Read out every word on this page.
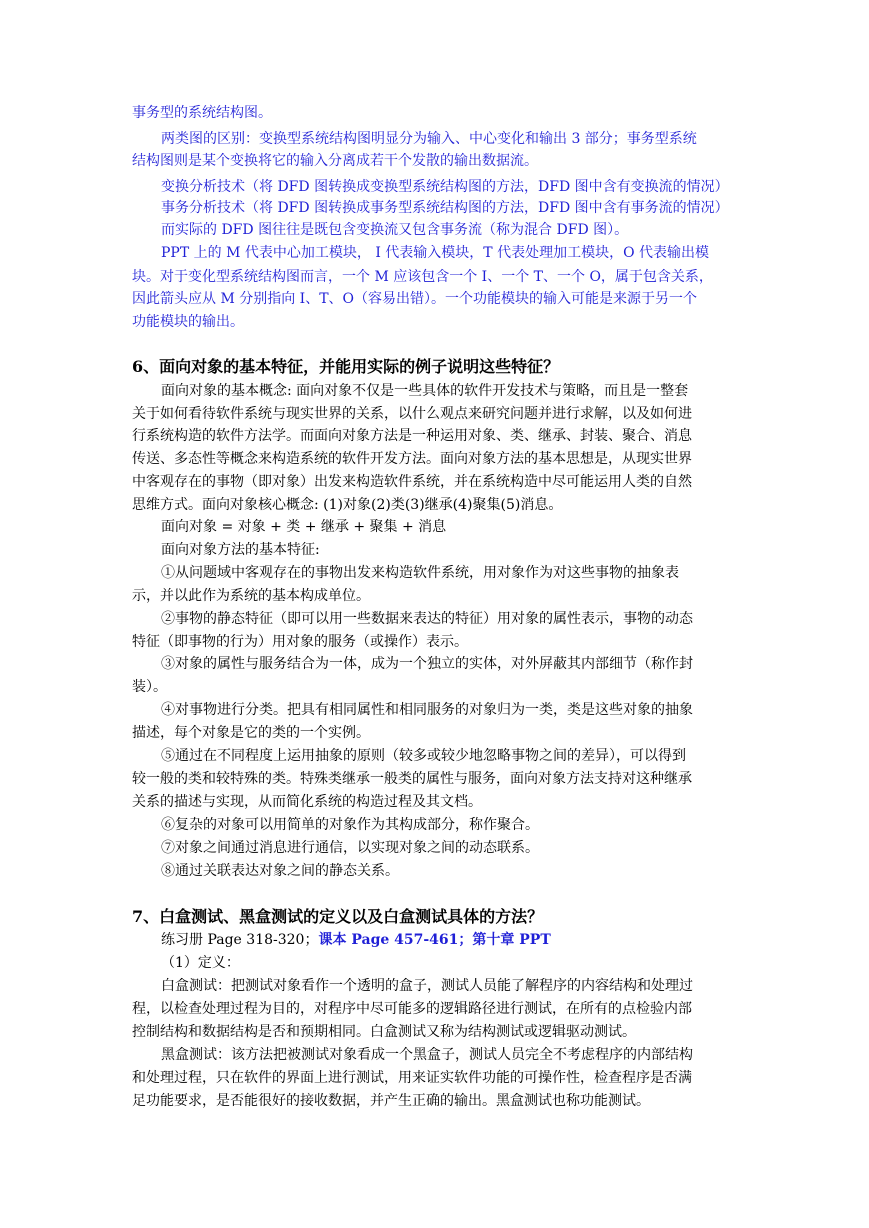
事务型的系统结构图。
两类图的区别：变换型系统结构图明显分为输入、中心变化和输出 3 部分；事务型系统
结构图则是某个变换将它的输入分离成若干个发散的输出数据流。
变换分析技术（将 DFD 图转换成变换型系统结构图的方法，DFD 图中含有变换流的情况）
事务分析技术（将 DFD 图转换成事务型系统结构图的方法，DFD 图中含有事务流的情况）
而实际的 DFD 图往往是既包含变换流又包含事务流（称为混合 DFD 图）。
PPT 上的 M 代表中心加工模块， I 代表输入模块，T 代表处理加工模块，O 代表输出模
块。对于变化型系统结构图而言，一个 M 应该包含一个 I、一个 T、一个 O，属于包含关系，
因此箭头应从 M 分别指向 I、T、O（容易出错）。一个功能模块的输入可能是来源于另一个
功能模块的输出。
6、面向对象的基本特征，并能用实际的例子说明这些特征？
面向对象的基本概念: 面向对象不仅是一些具体的软件开发技术与策略，而且是一整套
关于如何看待软件系统与现实世界的关系，以什么观点来研究问题并进行求解，以及如何进
行系统构造的软件方法学。而面向对象方法是一种运用对象、类、继承、封装、聚合、消息
传送、多态性等概念来构造系统的软件开发方法。面向对象方法的基本思想是，从现实世界
中客观存在的事物（即对象）出发来构造软件系统，并在系统构造中尽可能运用人类的自然
思维方式。面向对象核心概念: (1)对象(2)类(3)继承(4)聚集(5)消息。
面向对象 = 对象 + 类 + 继承 + 聚集 + 消息
面向对象方法的基本特征:
①从问题域中客观存在的事物出发来构造软件系统，用对象作为对这些事物的抽象表
示，并以此作为系统的基本构成单位。
②事物的静态特征（即可以用一些数据来表达的特征）用对象的属性表示，事物的动态
特征（即事物的行为）用对象的服务（或操作）表示。
③对象的属性与服务结合为一体，成为一个独立的实体，对外屏蔽其内部细节（称作封
装）。
④对事物进行分类。把具有相同属性和相同服务的对象归为一类，类是这些对象的抽象
描述，每个对象是它的类的一个实例。
⑤通过在不同程度上运用抽象的原则（较多或较少地忽略事物之间的差异），可以得到
较一般的类和较特殊的类。特殊类继承一般类的属性与服务，面向对象方法支持对这种继承
关系的描述与实现，从而简化系统的构造过程及其文档。
⑥复杂的对象可以用简单的对象作为其构成部分，称作聚合。
⑦对象之间通过消息进行通信，以实现对象之间的动态联系。
⑧通过关联表达对象之间的静态关系。
7、白盒测试、黑盒测试的定义以及白盒测试具体的方法？
练习册 Page 318-320；课本 Page 457-461；第十章 PPT
（1）定义：
白盒测试：把测试对象看作一个透明的盒子，测试人员能了解程序的内容结构和处理过
程，以检查处理过程为目的，对程序中尽可能多的逻辑路径进行测试，在所有的点检验内部
控制结构和数据结构是否和预期相同。白盒测试又称为结构测试或逻辑驱动测试。
黑盒测试：该方法把被测试对象看成一个黑盒子，测试人员完全不考虑程序的内部结构
和处理过程，只在软件的界面上进行测试，用来证实软件功能的可操作性，检查程序是否满
足功能要求，是否能很好的接收数据，并产生正确的输出。黑盒测试也称功能测试。
